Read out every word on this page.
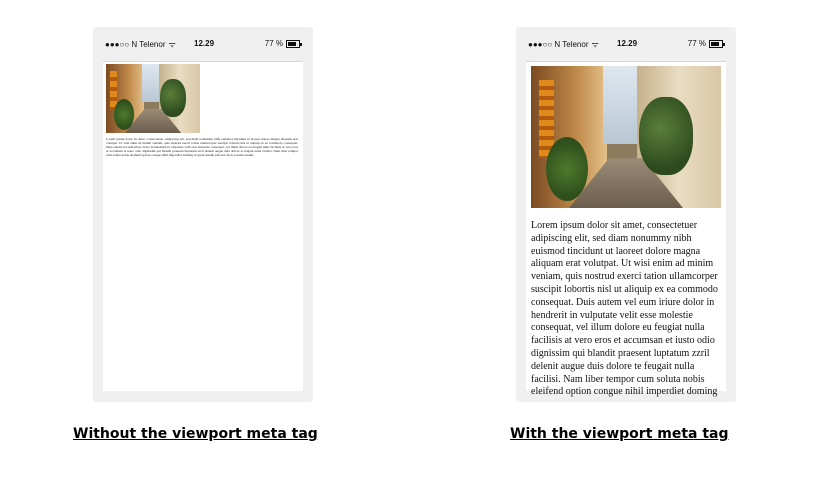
●●●○○ N Telenor ᯤ 12.29	77 %
Lorem ipsum dolor sit amet, consectetuer adipiscing elit, sed diam nonummy nibh euismod tincidunt ut laoreet dolore magna aliquam erat volutpat. Ut wisi enim ad minim veniam, quis nostrud exerci tation ullamcorper suscipit lobortis nisl ut aliquip ex ea commodo consequat. Duis autem vel eum iriure dolor in hendrerit in vulputate velit esse molestie consequat, vel illum dolore eu feugiat nulla facilisis at vero eros et accumsan et iusto odio dignissim qui blandit praesent luptatum zzril delenit augue duis dolore te feugait nulla facilisi. Nam liber tempor cum soluta nobis eleifend option congue nihil imperdiet doming id quod mazim placerat facer possim assum.
Without the viewport meta tag
●●●○○ N Telenor ᯤ 12.29	77 %
Lorem ipsum dolor sit amet, consectetuer adipiscing elit, sed diam nonummy nibh euismod tincidunt ut laoreet dolore magna aliquam erat volutpat. Ut wisi enim ad minim veniam, quis nostrud exerci tation ullamcorper suscipit lobortis nisl ut aliquip ex ea commodo consequat. Duis autem vel eum iriure dolor in hendrerit in vulputate velit esse molestie consequat, vel illum dolore eu feugiat nulla facilisis at vero eros et accumsan et iusto odio dignissim qui blandit praesent luptatum zzril delenit augue duis dolore te feugait nulla facilisi. Nam liber tempor cum soluta nobis eleifend option congue nihil imperdiet doming
With the viewport meta tag
